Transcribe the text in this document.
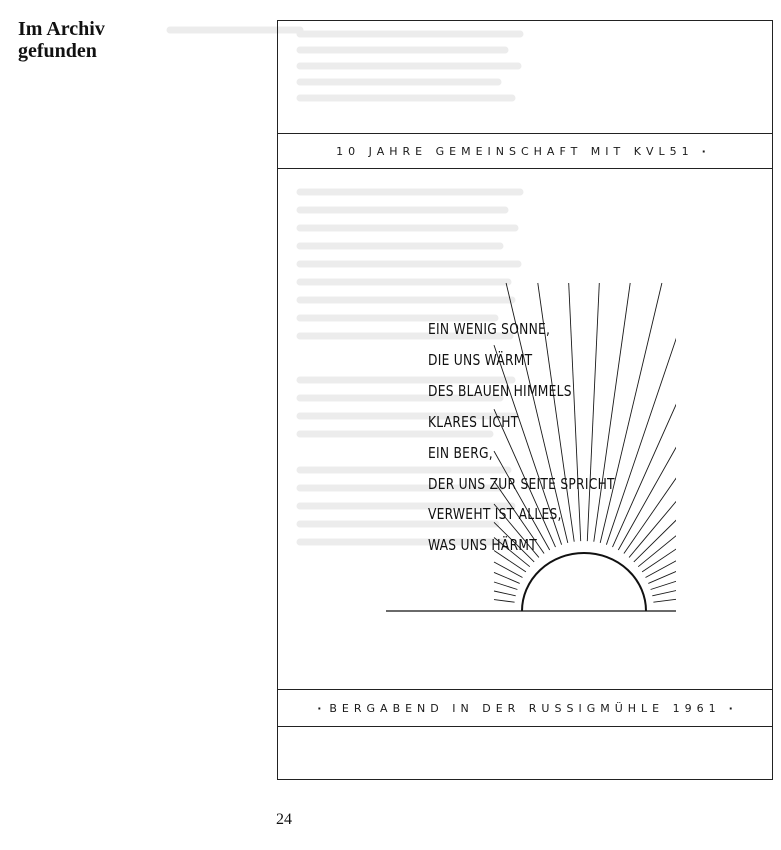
Im Archiv
gefunden
10 JAHRE GEMEINSCHAFT MIT KVL51 ·
EIN WENIG SONNE,
DIE UNS WÄRMT
DES BLAUEN HIMMELS
KLARES LICHT
EIN BERG,
DER UNS ZUR SEITE SPRICHT
VERWEHT IST ALLES,
WAS UNS HÄRMT
· BERGABEND IN DER RUSSIGMÜHLE 1961 ·
24
